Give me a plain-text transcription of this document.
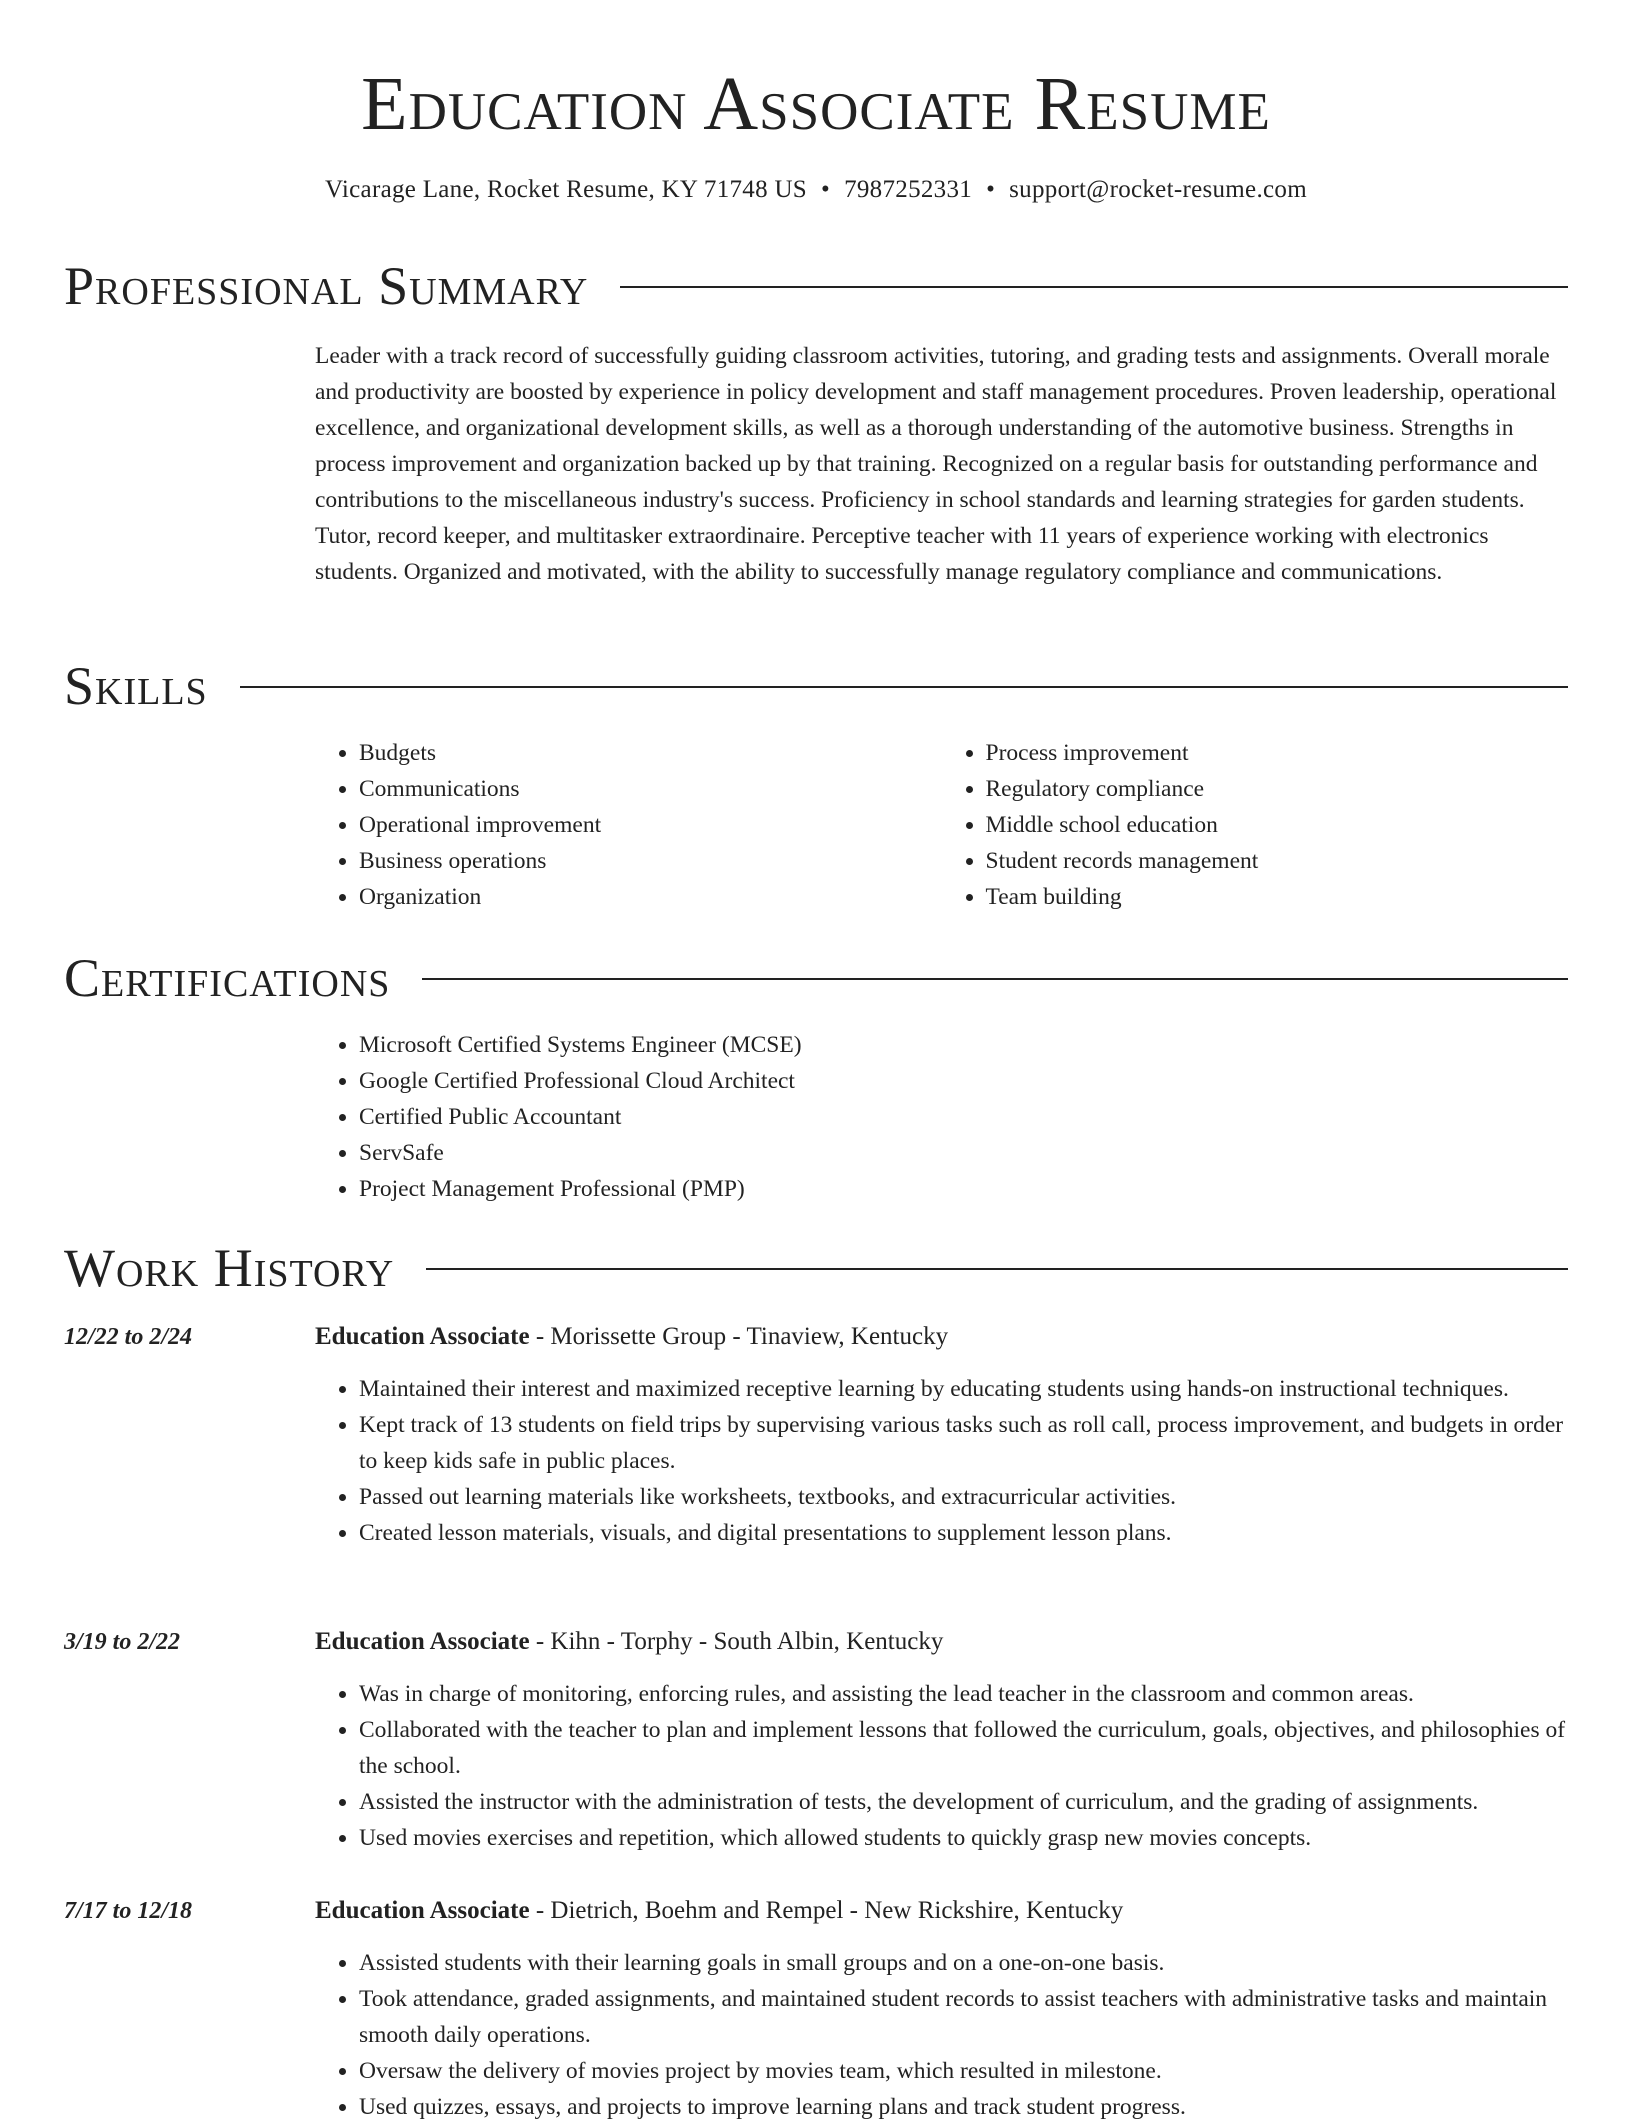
Education Associate Resume
Vicarage Lane, Rocket Resume, KY 71748 US • 7987252331 • support@rocket-resume.com
Professional Summary

Leader with a track record of successfully guiding classroom activities, tutoring, and grading tests and assignments. Overall morale and productivity are boosted by experience in policy development and staff management procedures. Proven leadership, operational excellence, and organizational development skills, as well as a thorough understanding of the automotive business. Strengths in process improvement and organization backed up by that training. Recognized on a regular basis for outstanding performance and contributions to the miscellaneous industry's success. Proficiency in school standards and learning strategies for garden students. Tutor, record keeper, and multitasker extraordinaire. Perceptive teacher with 11 years of experience working with electronics students. Organized and motivated, with the ability to successfully manage regulatory compliance and communications.

Skills
• Budgets
• Communications
• Operational improvement
• Business operations
• Organization
• Process improvement
• Regulatory compliance
• Middle school education
• Student records management
• Team building
Certifications
• Microsoft Certified Systems Engineer (MCSE)
• Google Certified Professional Cloud Architect
• Certified Public Accountant
• ServSafe
• Project Management Professional (PMP)
Work History
12/22 to 2/24	Education Associate - Morissette Group - Tinaview, Kentucky
• Maintained their interest and maximized receptive learning by educating students using hands-on instructional techniques.
• Kept track of 13 students on field trips by supervising various tasks such as roll call, process improvement, and budgets in order to keep kids safe in public places.
• Passed out learning materials like worksheets, textbooks, and extracurricular activities.
• Created lesson materials, visuals, and digital presentations to supplement lesson plans.
3/19 to 2/22	Education Associate - Kihn - Torphy - South Albin, Kentucky
• Was in charge of monitoring, enforcing rules, and assisting the lead teacher in the classroom and common areas.
• Collaborated with the teacher to plan and implement lessons that followed the curriculum, goals, objectives, and philosophies of the school.
• Assisted the instructor with the administration of tests, the development of curriculum, and the grading of assignments.
• Used movies exercises and repetition, which allowed students to quickly grasp new movies concepts.
7/17 to 12/18	Education Associate - Dietrich, Boehm and Rempel - New Rickshire, Kentucky
• Assisted students with their learning goals in small groups and on a one-on-one basis.
• Took attendance, graded assignments, and maintained student records to assist teachers with administrative tasks and maintain smooth daily operations.
• Oversaw the delivery of movies project by movies team, which resulted in milestone.
• Used quizzes, essays, and projects to improve learning plans and track student progress.
